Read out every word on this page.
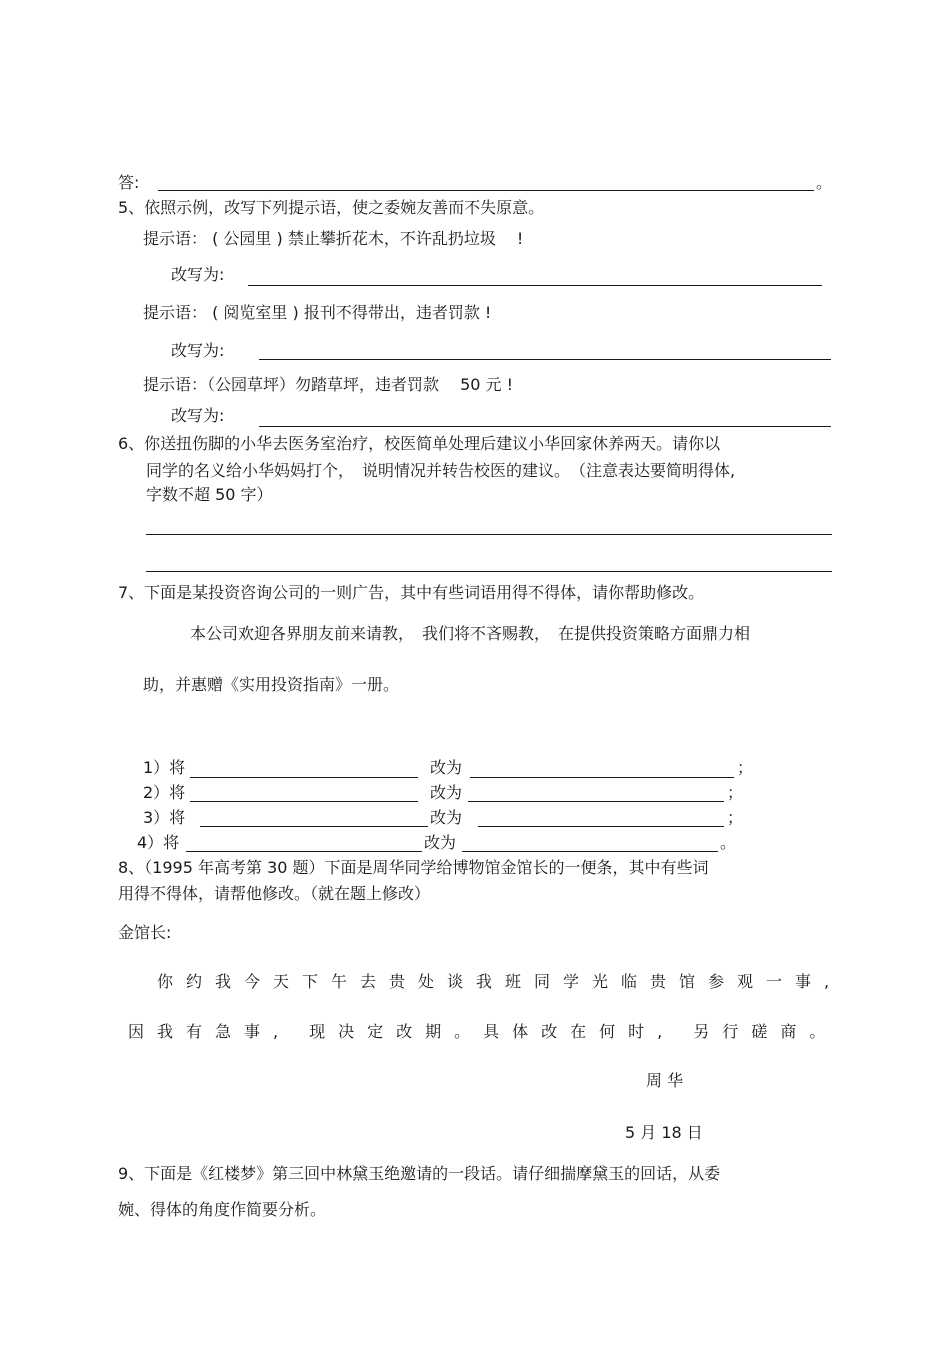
答:	。
5、依照示例，改写下列提示语，使之委婉友善而不失原意。
提示语： ( 公园里 ) 禁止攀折花木，不许乱扔垃圾　 !
改写为:
提示语： ( 阅览室里 ) 报刊不得带出，违者罚款 !
改写为:
提示语：（公园草坪）勿踏草坪，违者罚款　 50 元 !
改写为:
6、你送扭伤脚的小华去医务室治疗，校医简单处理后建议小华回家休养两天。请你以
同学的名义给小华妈妈打个，　说明情况并转告校医的建议。　（注意表达要简明得体,
字数不超 50 字）
7、下面是某投资咨询公司的一则广告，其中有些词语用得不得体，请你帮助修改。
本公司欢迎各界朋友前来请教，　我们将不吝赐教，　在提供投资策略方面鼎力相
助，并惠赠《实用投资指南》一册。
1）将	改为	；
2）将	改为	；
3）将	改为	；
4）将	改为	。
8、（1995 年高考第 30 题）下面是周华同学给博物馆金馆长的一便条，其中有些词
用得不得体，请帮他修改。（就在题上修改）
金馆长:
你约我今天下午去贵处谈我班同学光临贵馆参观一事,
因我有急事, 现决定改期。具体改在何时, 另行磋商。
周 华
5 月 18 日
9、下面是《红楼梦》第三回中林黛玉绝邀请的一段话。请仔细揣摩黛玉的回话，从委
婉、得体的角度作简要分析。
